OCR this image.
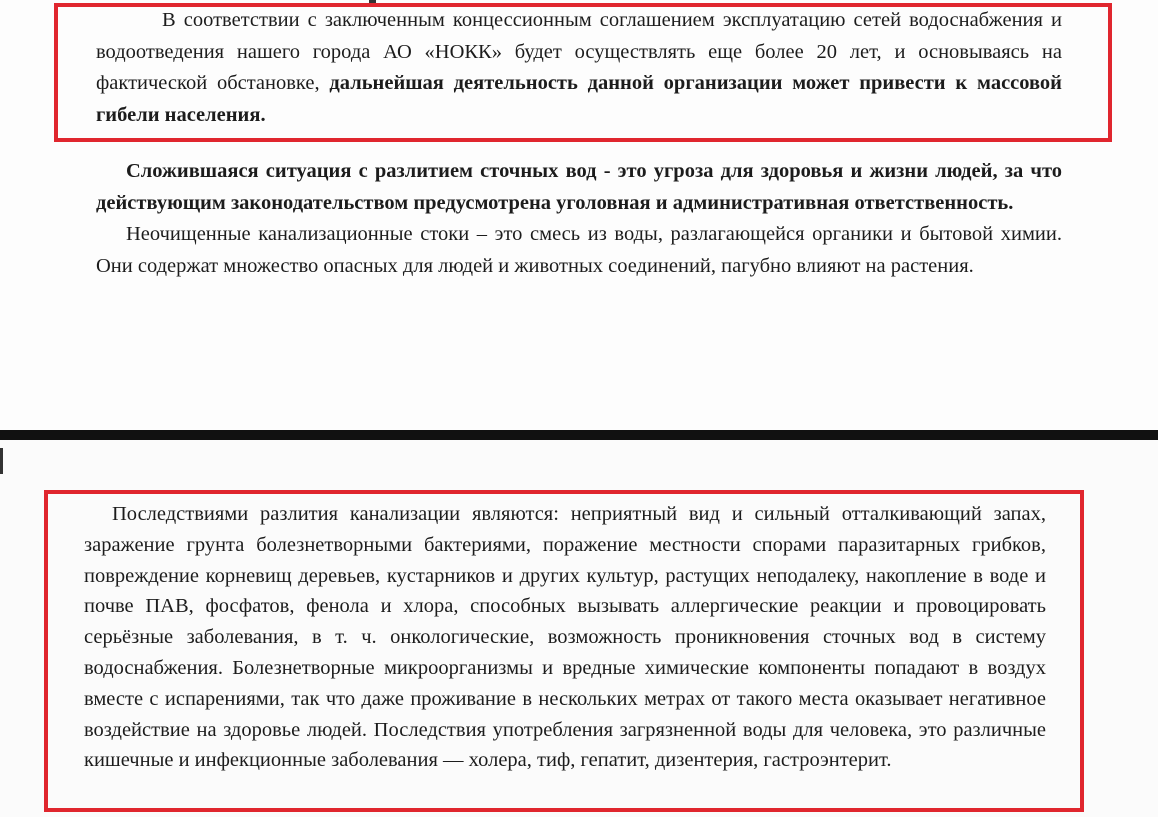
В соответствии с заключенным концессионным соглашением эксплуатацию сетей водоснабжения и водоотведения нашего города АО «НОКК» будет осуществлять еще более 20 лет, и основываясь на фактической обстановке, дальнейшая деятельность данной организации может привести к массовой гибели населения.

Сложившаяся ситуация с разлитием сточных вод - это угроза для здоровья и жизни людей, за что действующим законодательством предусмотрена уголовная и административная ответственность.

Неочищенные канализационные стоки – это смесь из воды, разлагающейся органики и бытовой химии. Они содержат множество опасных для людей и животных соединений, пагубно влияют на растения.

Последствиями разлития канализации являются: неприятный вид и сильный отталкивающий запах, заражение грунта болезнетворными бактериями, поражение местности спорами паразитарных грибков, повреждение корневищ деревьев, кустарников и других культур, растущих неподалеку, накопление в воде и почве ПАВ, фосфатов, фенола и хлора, способных вызывать аллергические реакции и провоцировать серьёзные заболевания, в т. ч. онкологические, возможность проникновения сточных вод в систему водоснабжения. Болезнетворные микроорганизмы и вредные химические компоненты попадают в воздух вместе с испарениями, так что даже проживание в нескольких метрах от такого места оказывает негативное воздействие на здоровье людей. Последствия употребления загрязненной воды для человека, это различные кишечные и инфекционные заболевания — холера, тиф, гепатит, дизентерия, гастроэнтерит.
